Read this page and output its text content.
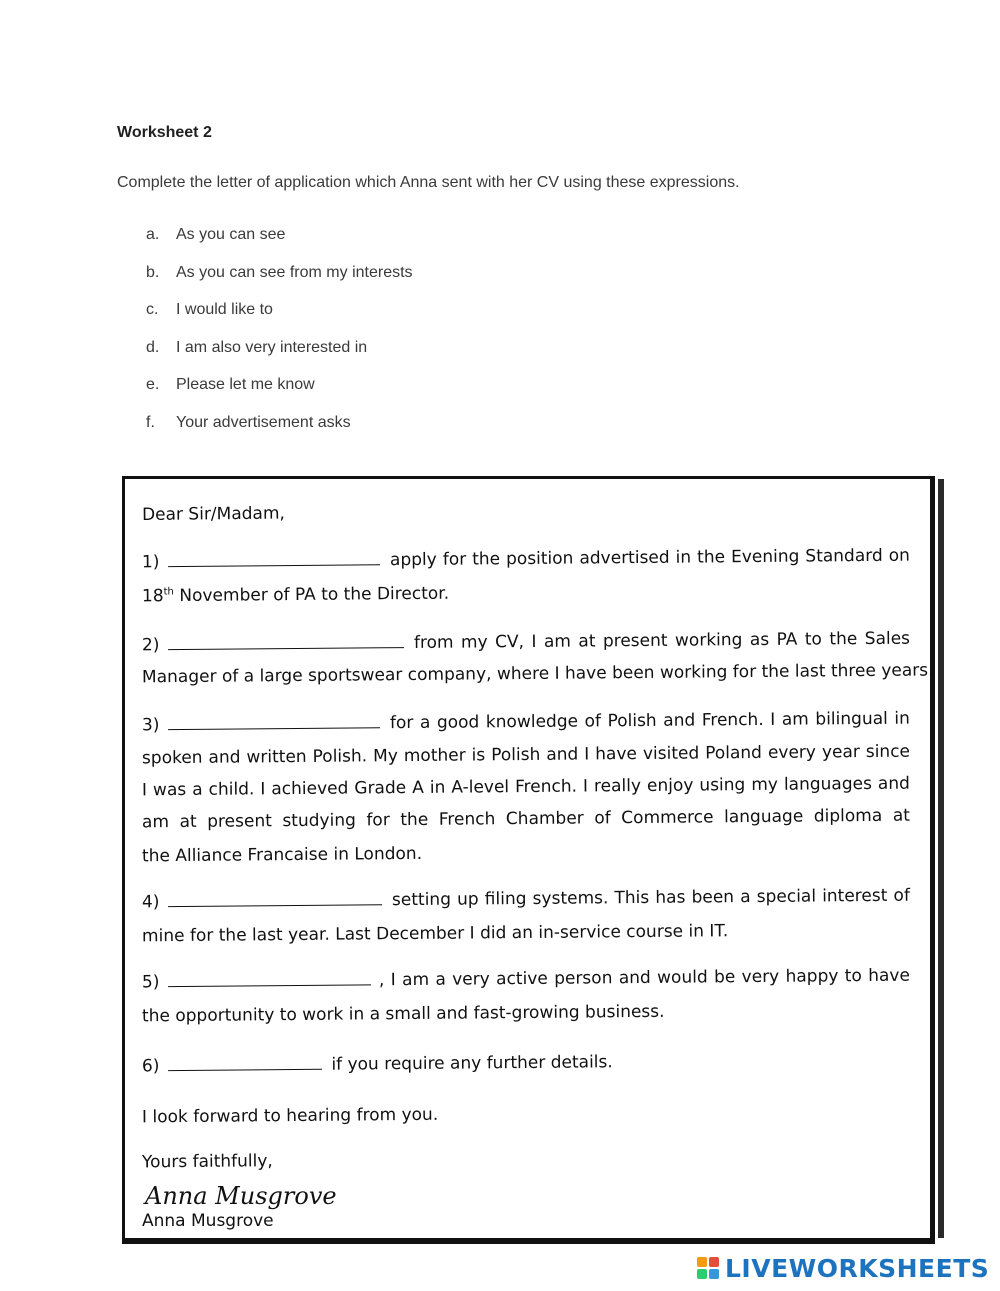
Worksheet 2
Complete the letter of application which Anna sent with her CV using these expressions.
a. As you can see
b. As you can see from my interests
c. I would like to
d. I am also very interested in
e. Please let me know
f. Your advertisement asks
Dear Sir/Madam,
1)	apply for the position advertised in the Evening Standard on
18th November of PA to the Director.
2)	from my CV, I am at present working as PA to the Sales
Manager of a large sportswear company, where I have been working for the last three years.
3)	for a good knowledge of Polish and French. I am bilingual in
spoken and written Polish. My mother is Polish and I have visited Poland every year since
I was a child. I achieved Grade A in A-level French. I really enjoy using my languages and
am at present studying for the French Chamber of Commerce language diploma at
the Alliance Francaise in London.
4)	setting up filing systems. This has been a special interest of
mine for the last year. Last December I did an in-service course in IT.
5)	, I am a very active person and would be very happy to have
the opportunity to work in a small and fast-growing business.
6)	if you require any further details.
I look forward to hearing from you.
Yours faithfully,
Anna Musgrove
Anna Musgrove
LIVEWORKSHEETS
